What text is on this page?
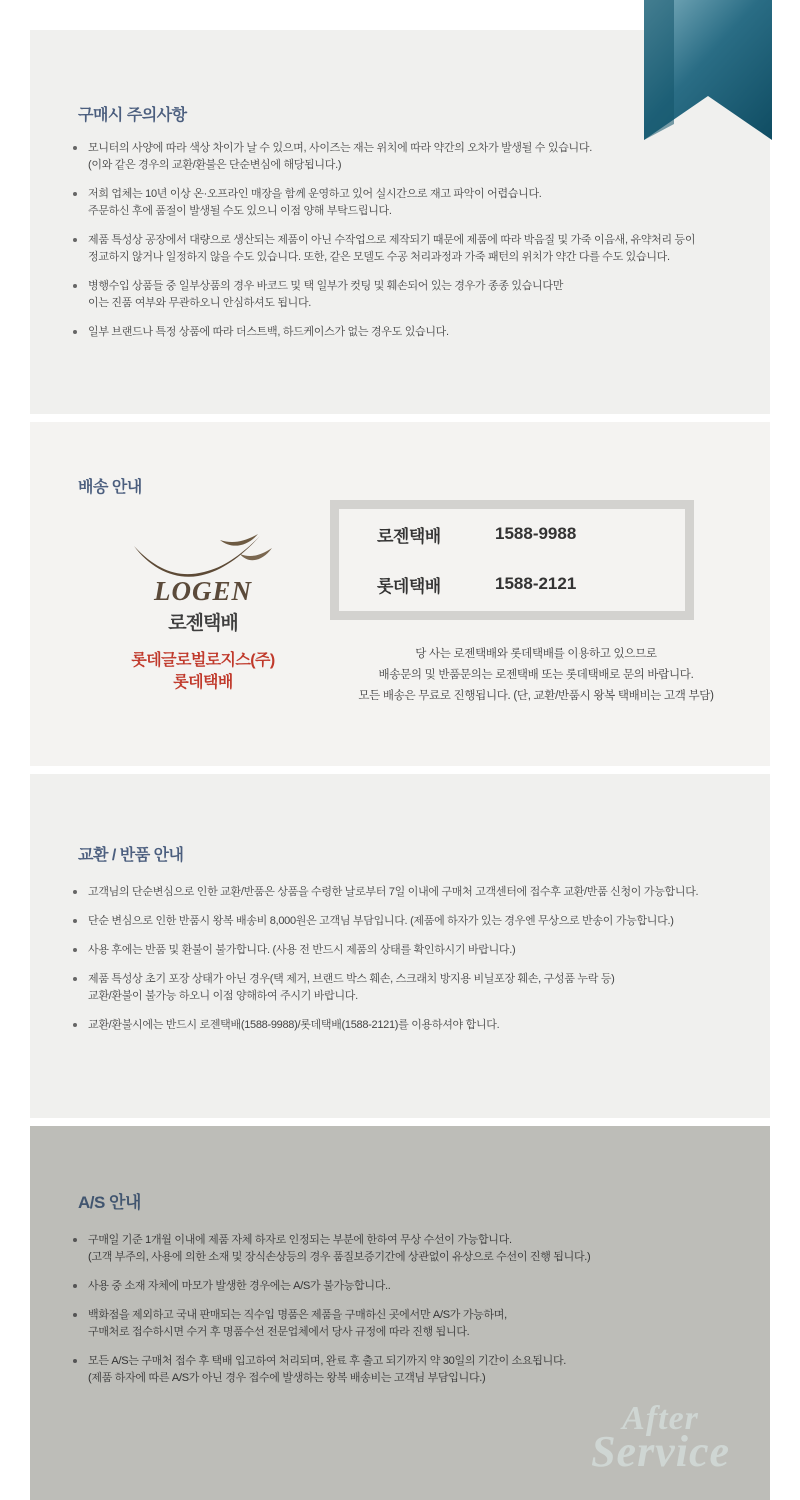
구매시 주의사항
모니터의 사양에 따라 색상 차이가 날 수 있으며, 사이즈는 재는 위치에 따라 약간의 오차가 발생될 수 있습니다.
(이와 같은 경우의 교환/환불은 단순변심에 해당됩니다.)
저희 업체는 10년 이상 온·오프라인 매장을 함께 운영하고 있어 실시간으로 재고 파악이 어렵습니다.
주문하신 후에 품절이 발생될 수도 있으니 이점 양해 부탁드립니다.
제품 특성상 공장에서 대량으로 생산되는 제품이 아닌 수작업으로 제작되기 때문에 제품에 따라 박음질 및 가죽 이음새, 유약처리 등이
정교하지 않거나 일정하지 않을 수도 있습니다. 또한, 같은 모델도 수공 처리과정과 가죽 패턴의 위치가 약간 다를 수도 있습니다.
병행수입 상품들 중 일부상품의 경우 바코드 및 택 일부가 컷팅 및 훼손되어 있는 경우가 종종 있습니다만
이는 진품 여부와 무관하오니 안심하셔도 됩니다.
일부 브랜드나 특정 상품에 따라 더스트백, 하드케이스가 없는 경우도 있습니다.
배송 안내
LOGEN
로젠택배
롯데글로벌로지스(주)
롯데택배
로젠택배	1588-9988
롯데택배	1588-2121
당 사는 로젠택배와 롯데택배를 이용하고 있으므로
배송문의 및 반품문의는 로젠택배 또는 롯데택배로 문의 바랍니다.
모든 배송은 무료로 진행됩니다. (단, 교환/반품시 왕복 택배비는 고객 부담)
교환 / 반품 안내
고객님의 단순변심으로 인한 교환/반품은 상품을 수령한 날로부터 7일 이내에 구매처 고객센터에 접수후 교환/반품 신청이 가능합니다.
단순 변심으로 인한 반품시 왕복 배송비 8,000원은 고객님 부담입니다. (제품에 하자가 있는 경우엔 무상으로 반송이 가능합니다.)
사용 후에는 반품 및 환불이 불가합니다. (사용 전 반드시 제품의 상태를 확인하시기 바랍니다.)
제품 특성상 초기 포장 상태가 아닌 경우(택 제거, 브랜드 박스 훼손, 스크래치 방지용 비닐포장 훼손, 구성품 누락 등)
교환/환불이 불가능 하오니 이점 양해하여 주시기 바랍니다.
교환/환불시에는 반드시 로젠택배(1588-9988)/롯데택배(1588-2121)를 이용하셔야 합니다.
A/S 안내
구매일 기준 1개월 이내에 제품 자체 하자로 인정되는 부분에 한하여 무상 수선이 가능합니다.
(고객 부주의, 사용에 의한 소재 및 장식손상등의 경우 품질보증기간에 상관없이 유상으로 수선이 진행 됩니다.)
사용 중 소재 자체에 마모가 발생한 경우에는 A/S가 불가능합니다..
백화점을 제외하고 국내 판매되는 직수입 명품은 제품을 구매하신 곳에서만 A/S가 가능하며,
구매처로 접수하시면 수거 후 명품수선 전문업체에서 당사 규정에 따라 진행 됩니다.
모든 A/S는 구매처 접수 후 택배 입고하여 처리되며, 완료 후 출고 되기까지 약 30일의 기간이 소요됩니다.
(제품 하자에 따른 A/S가 아닌 경우 접수에 발생하는 왕복 배송비는 고객님 부담입니다.)
After
Service
